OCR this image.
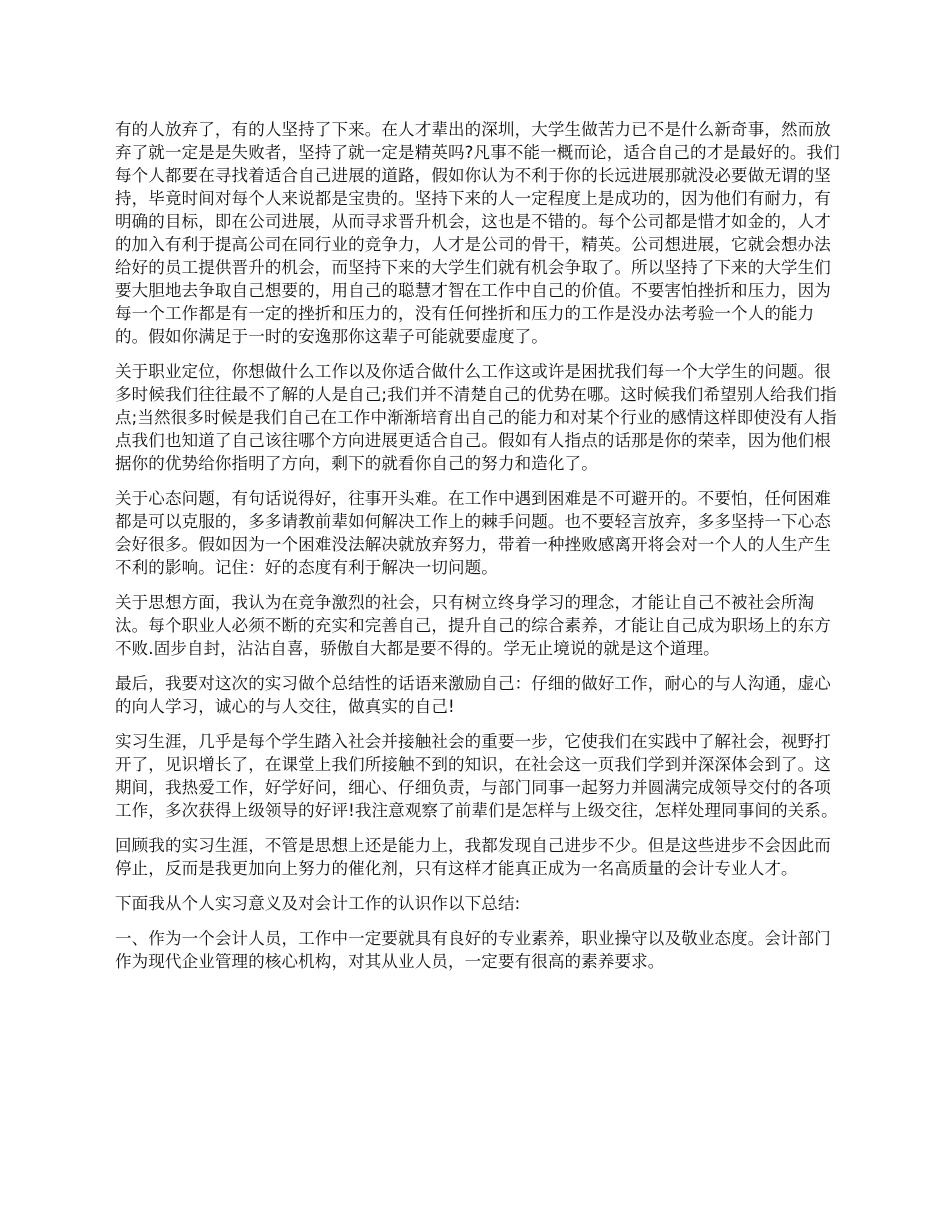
有的人放弃了，有的人坚持了下来。在人才辈出的深圳，大学生做苦力已不是什么新奇事，然而放弃了就一定是是失败者，坚持了就一定是精英吗?凡事不能一概而论，适合自己的才是最好的。我们每个人都要在寻找着适合自己进展的道路，假如你认为不利于你的长远进展那就没必要做无谓的坚持，毕竟时间对每个人来说都是宝贵的。坚持下来的人一定程度上是成功的，因为他们有耐力，有明确的目标，即在公司进展，从而寻求晋升机会，这也是不错的。每个公司都是惜才如金的，人才的加入有利于提高公司在同行业的竞争力，人才是公司的骨干，精英。公司想进展，它就会想办法给好的员工提供晋升的机会，而坚持下来的大学生们就有机会争取了。所以坚持了下来的大学生们要大胆地去争取自己想要的，用自己的聪慧才智在工作中自己的价值。不要害怕挫折和压力，因为每一个工作都是有一定的挫折和压力的，没有任何挫折和压力的工作是没办法考验一个人的能力的。假如你满足于一时的安逸那你这辈子可能就要虚度了。

关于职业定位，你想做什么工作以及你适合做什么工作这或许是困扰我们每一个大学生的问题。很多时候我们往往最不了解的人是自己;我们并不清楚自己的优势在哪。这时候我们希望别人给我们指点;当然很多时候是我们自己在工作中渐渐培育出自己的能力和对某个行业的感情这样即使没有人指点我们也知道了自己该往哪个方向进展更适合自己。假如有人指点的话那是你的荣幸，因为他们根据你的优势给你指明了方向，剩下的就看你自己的努力和造化了。

关于心态问题，有句话说得好，往事开头难。在工作中遇到困难是不可避开的。不要怕，任何困难都是可以克服的，多多请教前辈如何解决工作上的棘手问题。也不要轻言放弃，多多坚持一下心态会好很多。假如因为一个困难没法解决就放弃努力，带着一种挫败感离开将会对一个人的人生产生不利的影响。记住：好的态度有利于解决一切问题。

关于思想方面，我认为在竞争激烈的社会，只有树立终身学习的理念，才能让自己不被社会所淘汰。每个职业人必须不断的充实和完善自己，提升自己的综合素养，才能让自己成为职场上的东方不败.固步自封，沾沾自喜，骄傲自大都是要不得的。学无止境说的就是这个道理。

最后，我要对这次的实习做个总结性的话语来激励自己：仔细的做好工作，耐心的与人沟通，虚心的向人学习，诚心的与人交往，做真实的自己!

实习生涯，几乎是每个学生踏入社会并接触社会的重要一步，它使我们在实践中了解社会，视野打开了，见识增长了，在课堂上我们所接触不到的知识，在社会这一页我们学到并深深体会到了。这期间，我热爱工作，好学好问，细心、仔细负责，与部门同事一起努力并圆满完成领导交付的各项工作，多次获得上级领导的好评!我注意观察了前辈们是怎样与上级交往，怎样处理同事间的关系。

回顾我的实习生涯，不管是思想上还是能力上，我都发现自己进步不少。但是这些进步不会因此而停止，反而是我更加向上努力的催化剂，只有这样才能真正成为一名高质量的会计专业人才。

下面我从个人实习意义及对会计工作的认识作以下总结:

一、作为一个会计人员，工作中一定要就具有良好的专业素养，职业操守以及敬业态度。会计部门作为现代企业管理的核心机构，对其从业人员，一定要有很高的素养要求。
